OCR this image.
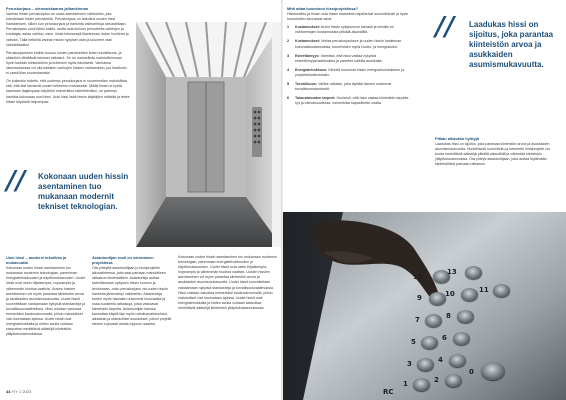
Peruskorjaus – olennaiskaarna ja/hankinnan

Vanhan hissin peruskorjaus on uusia asentaminen vaihtoehto, jota toteutetaan hissin perusteella. Peruskorjaus on tarkoitus uusien hissi hankkimisen, silloin kun peruskorjaus ja hankinta vaihtoehtoja tarkastellaan. Peruskorjaus uusii lähes kaikki, mutta osia kuiluun perusteella vaihtojen ja kuluttajan asiaa vaihtuu, esim. hissit teknisessä tilanteessa, kuten huolletut ja vaihdot. Tällä hetkellä vanhan hissin nykyiset osat ja kuluneet osat vaihdettavaksi.

Peruskorjauksen etuihin kuuluu uusien parametrien kuten turvallisuus- ja säästöön tähtäävät tekniset ratkaisut. Se on mahdollista mahdollisimman hyvin kaikkiin kiinteistöihin ja kuitenkin myös edullisesti. Vanhassa rakennuksessa voi olla kaikkien vanhojen hissien vaihtaminen, jos hissikuilu ei vaadi tilan suurentamista.

On kuitenkin todettu, että uudempi peruskorjaus ei suuremmiten mahdollista sitä, että tilat kävisivät uusien kriteerien mukaiseksi. Mikäli hissin ei kyetä saamaan laajempaan käyttöön esimerkiksi esteettömäksi, on parempi hankkia kokonaan uusi hissi. Uusi hissi lisää hissin käyttäjien määrää ja tekee hissin käytöstä helpompaa.

// Kokonaan uuden hissin asentaminen tuo mukanaan modernit tekniset teknologian.
Uusi hissi – moderni tekniikka ja mukavuutta

Kokonaan uuden hissin asentaminen tuo mukanaan modernin teknologian, paremman energiatehokkuuden ja käyttömukavuuden. Uudet hissit ovat usein hiljaisempia, nopeampia ja vähemmän huoltoa vaativia. Uusien hissien asentaminen voi myös parantaa kiinteistön arvoa ja asukkaiden asumismukavuutta. Uudet hissit suunnitellaan vastaamaan nykyisiä standardeja ja turvallisuusvaatimuksia. Hissi voidaan varustaa esimerkiksi kaukovalvonnalla, jolloin mahdolliset viat huomataan ajoissa. Uudet hissit ovat energiatehokkaita ja niiden avulla voidaan saavuttaa merkittäviä säästöjä kiinteistön ylläpitokustannuksissa.

Asiantuntijan rooli on olennainen projektissa

Ota yhteyttä asiantuntijaan jo hissiprojektin alkuvaiheessa, jotta saat parhaan mahdollisen ratkaisun kiinteistöllesi. Asiantuntija auttaa kartoittamaan nykyisen hissin kunnon ja arvioimaan, onko peruskorjaus vai uuden hissin hankinta järkevämpi vaihtoehto. Asiantuntija tuntee myös hissialan uusimmat innovaatiot ja osaa suositella ratkaisuja, jotka vastaavat kiinteistön tarpeita. Asiantuntijan kanssa kannattaa käydä läpi myös rahoitusvaihtoehdot, aikataulu ja mahdolliset avustukset, jolloin projekti etenee sujuvasti alusta loppuun saakka.

Kokonaan uuden hissin asentaminen tuo mukanaan modernin teknologian, paremman energiatehokkuuden ja käyttömukavuuden. Uudet hissit ovat usein hiljaisempia, nopeampia ja vähemmän huoltoa vaativia. Uusien hissien asentaminen voi myös parantaa kiinteistön arvoa ja asukkaiden asumismukavuutta. Uudet hissit suunnitellaan vastaamaan nykyisiä standardeja ja turvallisuusvaatimuksia. Hissi voidaan varustaa esimerkiksi kaukovalvonnalla, jolloin mahdolliset viat huomataan ajoissa. Uudet hissit ovat energiatehokkaita ja niiden avulla voidaan saavuttaa merkittäviä säästöjä kiinteistön ylläpitokustannuksissa.

44 Y/Y 1 2023
Mitä ottaa huomioon hissiprojektissa?

Hissinvaihto ja hissin uusi hissin tilaaminen tapahtuvat suunnitellusti ja hyvin huomioiden seuraavat asiat:

1 Kustannukset: Arvioi hissin nykykunnon tarkasti ja vertaile eri vaihtoehtojen kustannuksia pitkällä aikavälillä.
2 Kustannukset: Vertaa peruskorjauksen ja uuden hissin hankinnan kokonaiskustannuksia, huomioiden myös huolto- ja energiakulut.
3 Esteettömyys: Varmista, että hissi vastaa nykyisiä esteettömyysvaatimuksia ja palvelee kaikkia asukkaita.
4 Energiatehokkuus: Kiinnitä huomiota hissin energiankulutukseen ja ympäristövaikutuksiin.
5 Turvallisuus: Valitse ratkaisu, joka täyttää hissien uusimmat turvallisuusstandardit.
6 Taloustalouden tarpeet: Huolehdi, että hissi vastaa kiinteistön tarpeita nyt ja tulevaisuudessa, esimerkiksi kapasiteetin osalta.
// Laadukas hissi on sijoitus, joka parantaa kiinteistön arvoa ja asukkaiden asumismukavuutta.
Pitkän aikavälin hyötyjä

Laadukas hissi on sijoitus, joka parantaa kiinteistön arvoa ja asukkaiden asumismukavuutta. Huolellisesti suunniteltu ja toteutettu hissiprojekti voi tuoda merkittäviä säästöjä pitkällä aikavälillä ja vähentää kiinteistön ylläpitokustannuksia. Ota yhteys asiantuntijaan, joka auttaa löytämään kiinteistöllesi parhaan ratkaisun.

12
13
9	10	11
7	8
5	6
3	4
1	2
RC
0
